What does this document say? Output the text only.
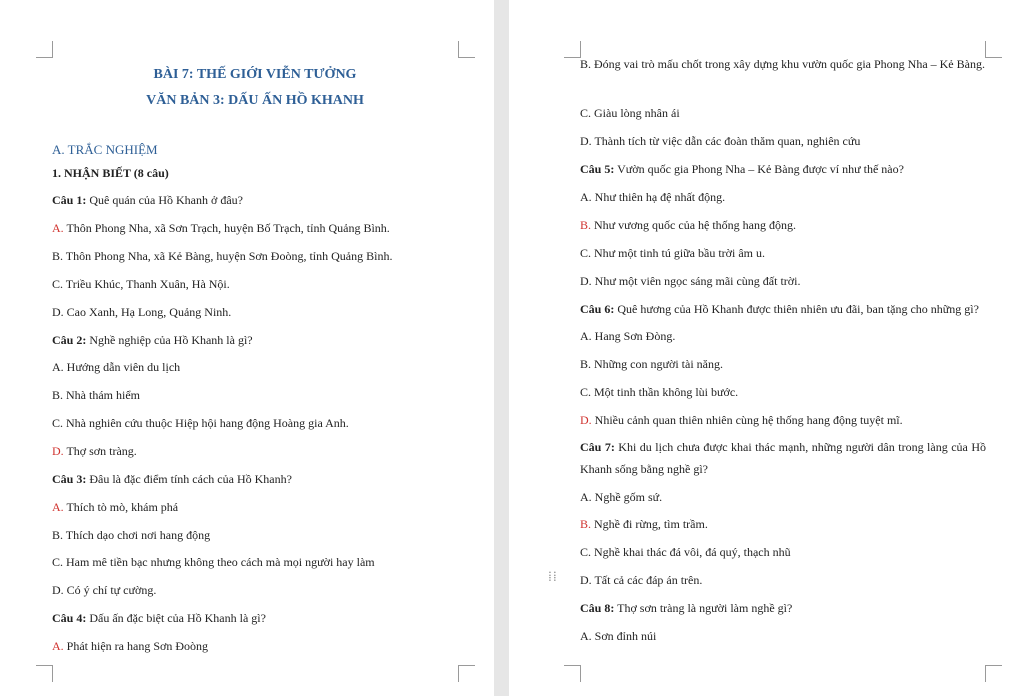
BÀI 7: THẾ GIỚI VIỄN TƯỞNG
VĂN BẢN 3: DẤU ẤN HỒ KHANH
A. TRẮC NGHIỆM
1. NHẬN BIẾT (8 câu)
Câu 1: Quê quán của Hồ Khanh ở đâu?
A. Thôn Phong Nha, xã Sơn Trạch, huyện Bố Trạch, tỉnh Quảng Bình.
B. Thôn Phong Nha, xã Kẻ Bàng, huyện Sơn Đoòng, tỉnh Quảng Bình.
C. Triều Khúc, Thanh Xuân, Hà Nội.
D. Cao Xanh, Hạ Long, Quảng Ninh.
Câu 2: Nghề nghiệp của Hồ Khanh là gì?
A. Hướng dẫn viên du lịch
B. Nhà thám hiểm
C. Nhà nghiên cứu thuộc Hiệp hội hang động Hoàng gia Anh.
D. Thợ sơn tràng.
Câu 3: Đâu là đặc điểm tính cách của Hồ Khanh?
A. Thích tò mò, khám phá
B. Thích dạo chơi nơi hang động
C. Ham mê tiền bạc nhưng không theo cách mà mọi người hay làm
D. Có ý chí tự cường.
Câu 4: Dấu ấn đặc biệt của Hồ Khanh là gì?
A. Phát hiện ra hang Sơn Đoòng
B. Đóng vai trò mấu chốt trong xây dựng khu vườn quốc gia Phong Nha – Kẻ Bàng.
C. Giàu lòng nhân ái
D. Thành tích từ việc dẫn các đoàn thăm quan, nghiên cứu
Câu 5: Vườn quốc gia Phong Nha – Kẻ Bàng được ví như thế nào?
A. Như thiên hạ đệ nhất động.
B. Như vương quốc của hệ thống hang động.
C. Như một tinh tú giữa bầu trời âm u.
D. Như một viên ngọc sáng mãi cùng đất trời.
Câu 6: Quê hương của Hồ Khanh được thiên nhiên ưu đãi, ban tặng cho những gì?
A. Hang Sơn Đòng.
B. Những con người tài năng.
C. Một tinh thần không lùi bước.
D. Nhiều cảnh quan thiên nhiên cùng hệ thống hang động tuyệt mĩ.
Câu 7: Khi du lịch chưa được khai thác mạnh, những người dân trong làng của Hồ Khanh sống bằng nghề gì?
A. Nghề gốm sứ.
B. Nghề đi rừng, tìm trầm.
C. Nghề khai thác đá vôi, đá quý, thạch nhũ
D. Tất cả các đáp án trên.
Câu 8: Thợ sơn tràng là người làm nghề gì?
A. Sơn đỉnh núi
⁞⁞
